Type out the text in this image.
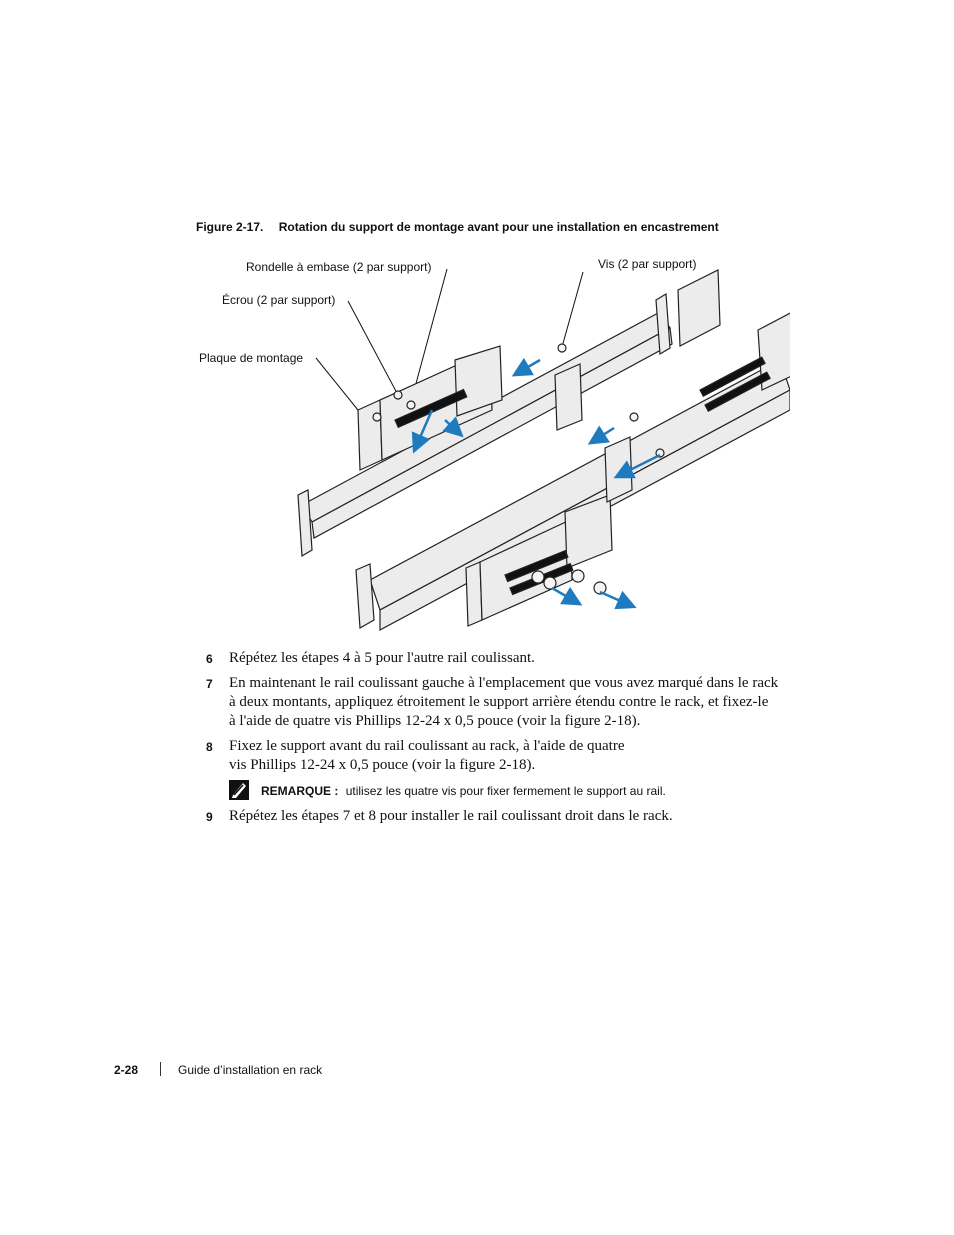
Figure 2-17. Rotation du support de montage avant pour une installation en encastrement
Rondelle à embase (2 par support)	Vis (2 par support)
Écrou (2 par support)
Plaque de montage
6 Répétez les étapes 4 à 5 pour l'autre rail coulissant.
7 En maintenant le rail coulissant gauche à l'emplacement que vous avez marqué dans le rack
à deux montants, appliquez étroitement le support arrière étendu contre le rack, et fixez-le
à l'aide de quatre vis Phillips 12-24 x 0,5 pouce (voir la figure 2-18).
8 Fixez le support avant du rail coulissant au rack, à l'aide de quatre
vis Phillips 12-24 x 0,5 pouce (voir la figure 2-18).
REMARQUE : utilisez les quatre vis pour fixer fermement le support au rail.
9 Répétez les étapes 7 et 8 pour installer le rail coulissant droit dans le rack.
2-28	Guide d’installation en rack
